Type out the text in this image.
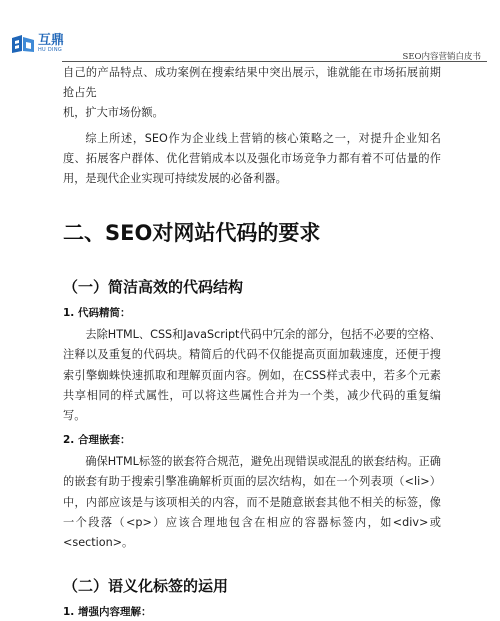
互鼎
HU DING
SEO内容营销白皮书

自己的产品特点、成功案例在搜索结果中突出展示，谁就能在市场拓展前期抢占先
机，扩大市场份额。

综上所述，SEO作为企业线上营销的核心策略之一，对提升企业知名度、拓展客户群体、优化营销成本以及强化市场竞争力都有着不可估量的作用，是现代企业实现可持续发展的必备利器。

二、SEO对网站代码的要求
（一）简洁高效的代码结构
1. 代码精简：

去除HTML、CSS和JavaScript代码中冗余的部分，包括不必要的空格、注释以及重复的代码块。精简后的代码不仅能提高页面加载速度，还便于搜索引擎蜘蛛快速抓取和理解页面内容。例如，在CSS样式表中，若多个元素共享相同的样式属性，可以将这些属性合并为一个类，减少代码的重复编写。

2. 合理嵌套：

确保HTML标签的嵌套符合规范，避免出现错误或混乱的嵌套结构。正确的嵌套有助于搜索引擎准确解析页面的层次结构，如在一个列表项（<li>）中，内部应该是与该项相关的内容，而不是随意嵌套其他不相关的标签，像一个段落（<p>）应该合理地包含在相应的容器标签内，如<div>或<section>。

（二）语义化标签的运用
1. 增强内容理解：
